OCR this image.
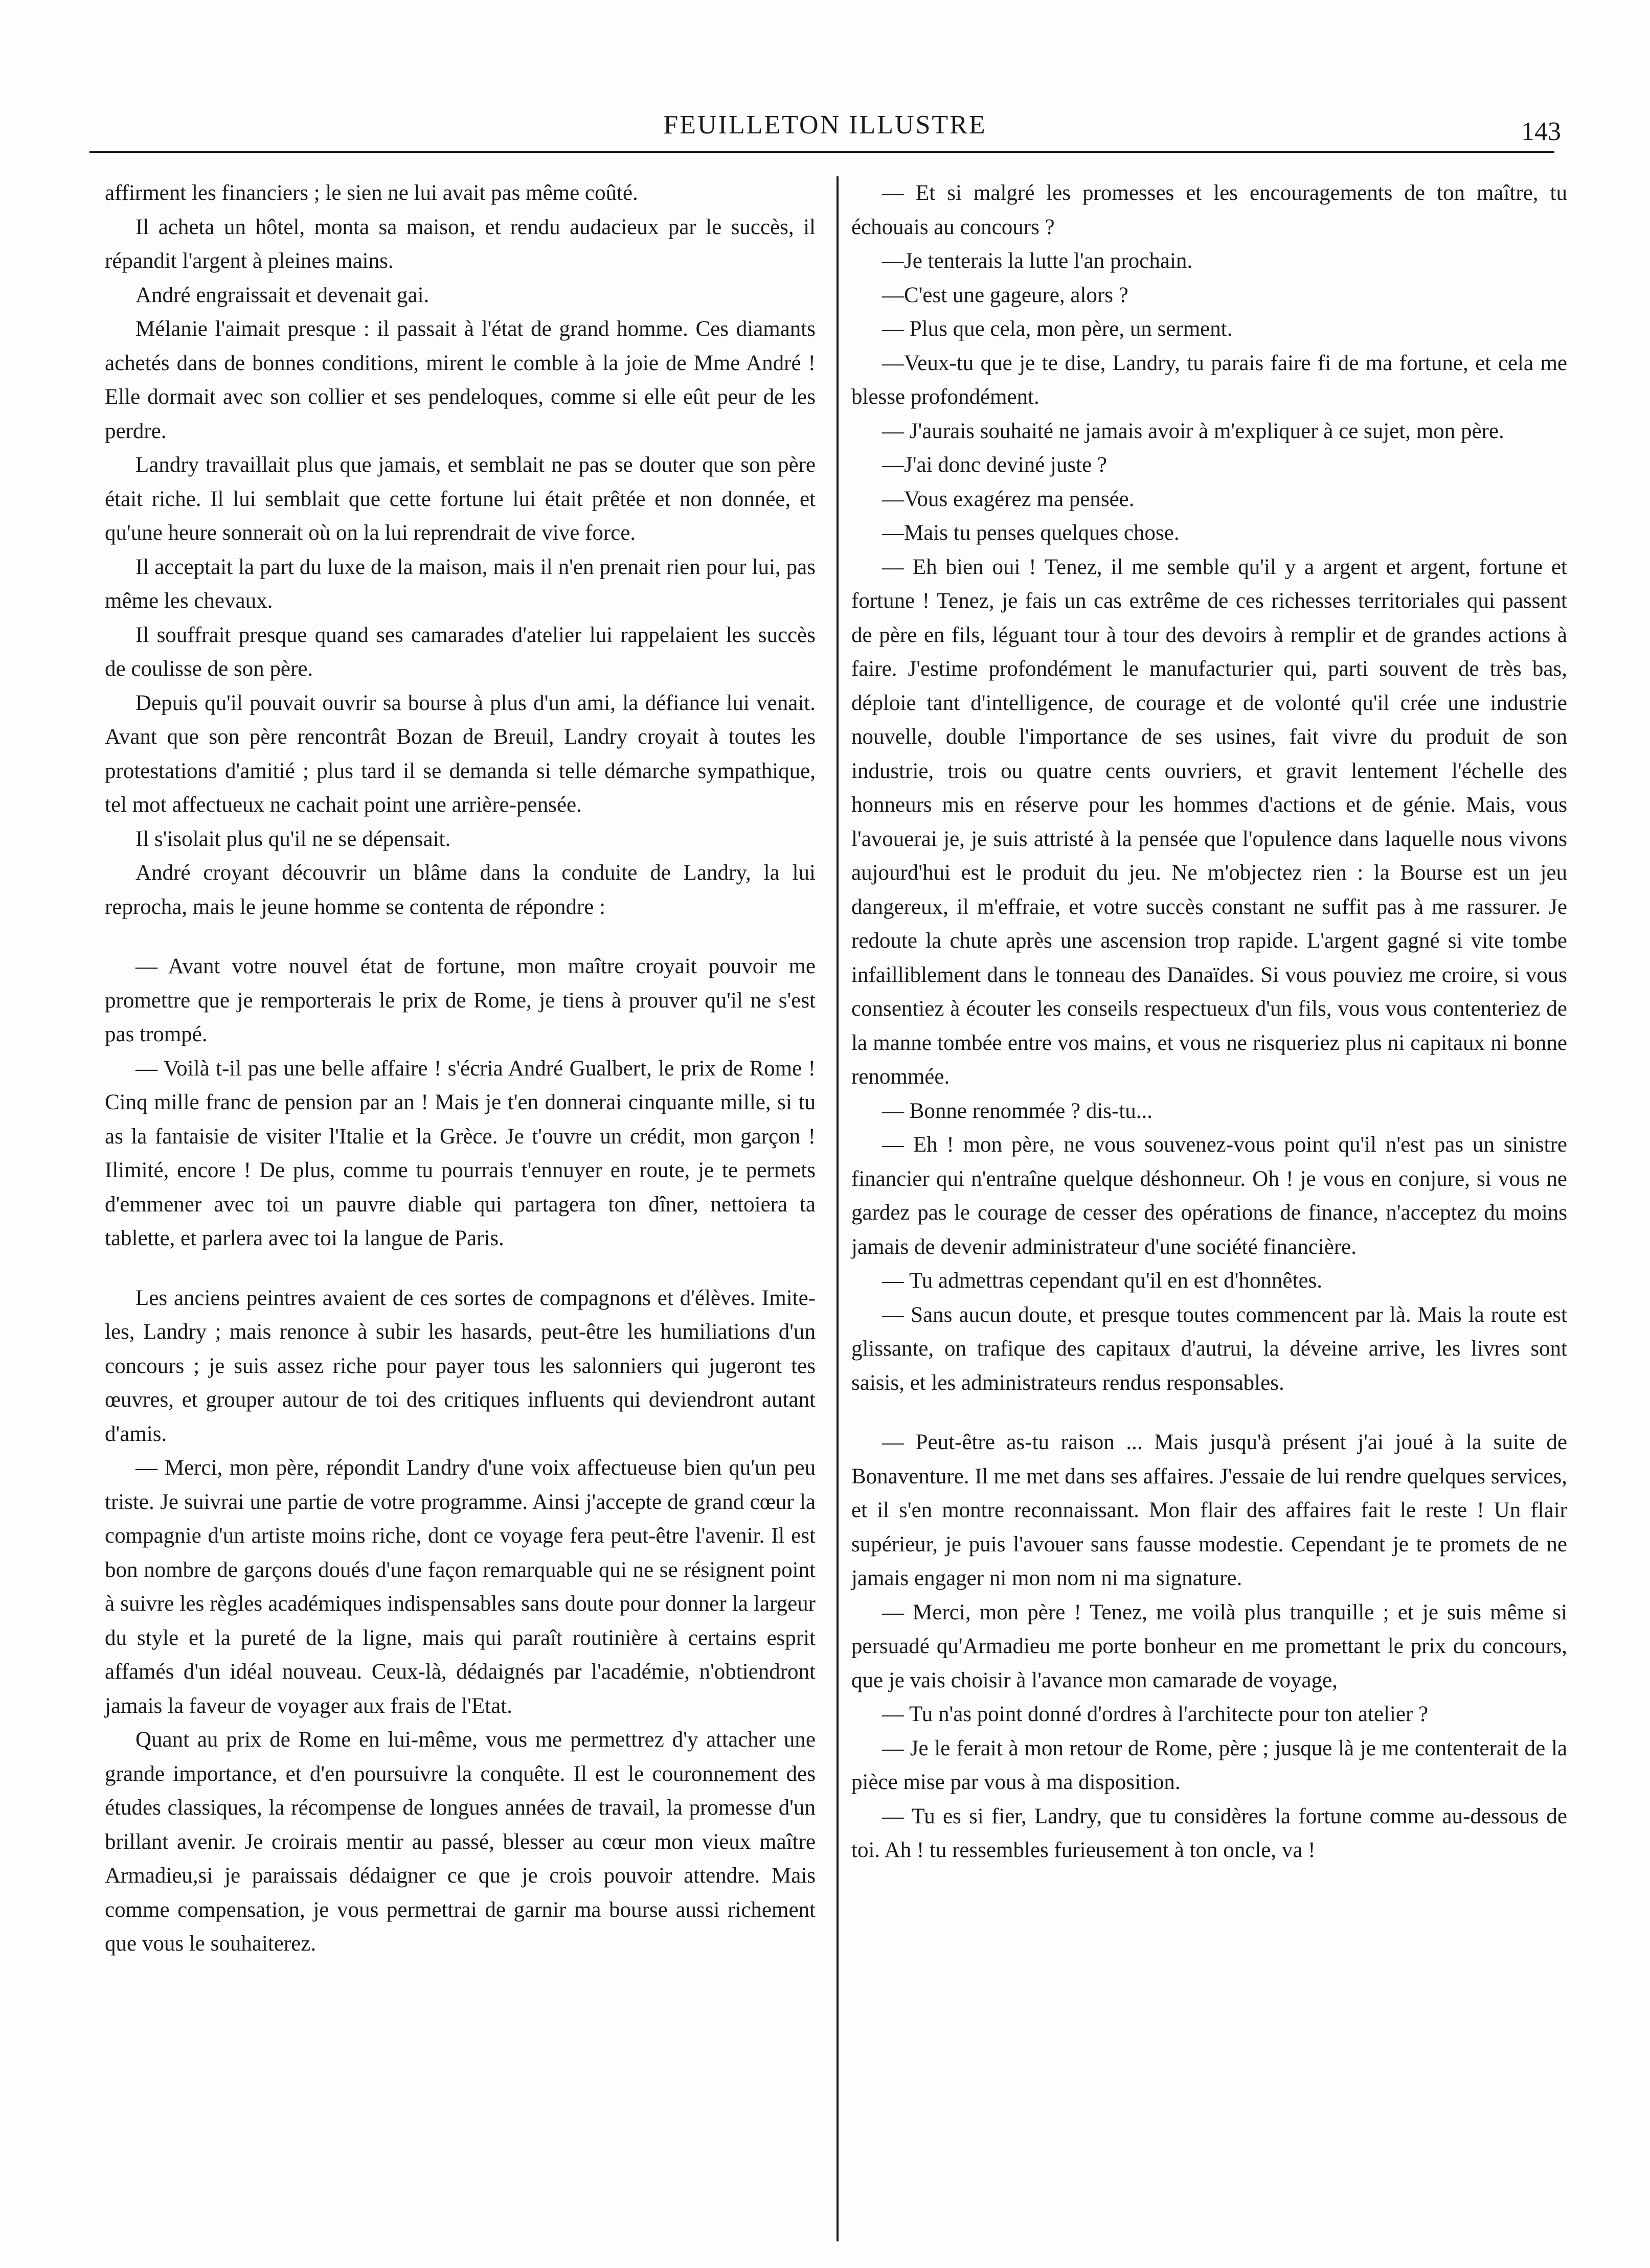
FEUILLETON ILLUSTRE	143

affirment les financiers ; le sien ne lui avait pas même coûté.

Il acheta un hôtel, monta sa maison, et rendu audacieux par le succès, il répandit l'argent à pleines mains.

André engraissait et devenait gai.

Mélanie l'aimait presque : il passait à l'état de grand homme. Ces diamants achetés dans de bonnes conditions, mirent le comble à la joie de Mme André ! Elle dormait avec son collier et ses pendeloques, comme si elle eût peur de les perdre.

Landry travaillait plus que jamais, et semblait ne pas se douter que son père était riche. Il lui semblait que cette fortune lui était prêtée et non donnée, et qu'une heure sonnerait où on la lui reprendrait de vive force.

Il acceptait la part du luxe de la maison, mais il n'en prenait rien pour lui, pas même les chevaux.

Il souffrait presque quand ses camarades d'atelier lui rappelaient les succès de coulisse de son père.

Depuis qu'il pouvait ouvrir sa bourse à plus d'un ami, la défiance lui venait. Avant que son père rencontrât Bozan de Breuil, Landry croyait à toutes les protestations d'amitié ; plus tard il se demanda si telle démarche sympathique, tel mot affectueux ne cachait point une arrière-pensée.

Il s'isolait plus qu'il ne se dépensait.

André croyant découvrir un blâme dans la conduite de Landry, la lui reprocha, mais le jeune homme se contenta de répondre :

— Avant votre nouvel état de fortune, mon maître croyait pouvoir me promettre que je remporterais le prix de Rome, je tiens à prouver qu'il ne s'est pas trompé.

— Voilà t-il pas une belle affaire ! s'écria André Gualbert, le prix de Rome ! Cinq mille franc de pension par an ! Mais je t'en donnerai cinquante mille, si tu as la fantaisie de visiter l'Italie et la Grèce. Je t'ouvre un crédit, mon garçon ! Ilimité, encore ! De plus, comme tu pourrais t'ennuyer en route, je te permets d'emmener avec toi un pauvre diable qui partagera ton dîner, nettoiera ta tablette, et parlera avec toi la langue de Paris.

Les anciens peintres avaient de ces sortes de compagnons et d'élèves. Imite-les, Landry ; mais renonce à subir les hasards, peut-être les humiliations d'un concours ; je suis assez riche pour payer tous les salonniers qui jugeront tes œuvres, et grouper autour de toi des critiques influents qui deviendront autant d'amis.

— Merci, mon père, répondit Landry d'une voix affectueuse bien qu'un peu triste. Je suivrai une partie de votre programme. Ainsi j'accepte de grand cœur la compagnie d'un artiste moins riche, dont ce voyage fera peut-être l'avenir. Il est bon nombre de garçons doués d'une façon remarquable qui ne se résignent point à suivre les règles académiques indispensables sans doute pour donner la largeur du style et la pureté de la ligne, mais qui paraît routinière à certains esprit affamés d'un idéal nouveau. Ceux-là, dédaignés par l'académie, n'obtiendront jamais la faveur de voyager aux frais de l'Etat.

Quant au prix de Rome en lui-même, vous me permettrez d'y attacher une grande importance, et d'en poursuivre la conquête. Il est le couronnement des études classiques, la récompense de longues années de travail, la promesse d'un brillant avenir. Je croirais mentir au passé, blesser au cœur mon vieux maître Armadieu,si je paraissais dédaigner ce que je crois pouvoir attendre. Mais comme compensation, je vous permettrai de garnir ma bourse aussi richement que vous le souhaiterez.

— Et si malgré les promesses et les encouragements de ton maître, tu échouais au concours ?

—Je tenterais la lutte l'an prochain.

—C'est une gageure, alors ?

— Plus que cela, mon père, un serment.

—Veux-tu que je te dise, Landry, tu parais faire fi de ma fortune, et cela me blesse profondément.

— J'aurais souhaité ne jamais avoir à m'expliquer à ce sujet, mon père.

—J'ai donc deviné juste ?

—Vous exagérez ma pensée.

—Mais tu penses quelques chose.

— Eh bien oui ! Tenez, il me semble qu'il y a argent et argent, fortune et fortune ! Tenez, je fais un cas extrême de ces richesses territoriales qui passent de père en fils, léguant tour à tour des devoirs à remplir et de grandes actions à faire. J'estime profondément le manufacturier qui, parti souvent de très bas, déploie tant d'intelligence, de courage et de volonté qu'il crée une industrie nouvelle, double l'importance de ses usines, fait vivre du produit de son industrie, trois ou quatre cents ouvriers, et gravit lentement l'échelle des honneurs mis en réserve pour les hommes d'actions et de génie. Mais, vous l'avouerai je, je suis attristé à la pensée que l'opulence dans laquelle nous vivons aujourd'hui est le produit du jeu. Ne m'objectez rien : la Bourse est un jeu dangereux, il m'effraie, et votre succès constant ne suffit pas à me rassurer. Je redoute la chute après une ascension trop rapide. L'argent gagné si vite tombe infailliblement dans le tonneau des Danaïdes. Si vous pouviez me croire, si vous consentiez à écouter les conseils respectueux d'un fils, vous vous contenteriez de la manne tombée entre vos mains, et vous ne risqueriez plus ni capitaux ni bonne renommée.

— Bonne renommée ? dis-tu...

— Eh ! mon père, ne vous souvenez-vous point qu'il n'est pas un sinistre financier qui n'entraîne quelque déshonneur. Oh ! je vous en conjure, si vous ne gardez pas le courage de cesser des opérations de finance, n'acceptez du moins jamais de devenir administrateur d'une société financière.

— Tu admettras cependant qu'il en est d'honnêtes.

— Sans aucun doute, et presque toutes commencent par là. Mais la route est glissante, on trafique des capitaux d'autrui, la déveine arrive, les livres sont saisis, et les administrateurs rendus responsables.

— Peut-être as-tu raison ... Mais jusqu'à présent j'ai joué à la suite de Bonaventure. Il me met dans ses affaires. J'essaie de lui rendre quelques services, et il s'en montre reconnaissant. Mon flair des affaires fait le reste ! Un flair supérieur, je puis l'avouer sans fausse modestie. Cependant je te promets de ne jamais engager ni mon nom ni ma signature.

— Merci, mon père ! Tenez, me voilà plus tranquille ; et je suis même si persuadé qu'Armadieu me porte bonheur en me promettant le prix du concours, que je vais choisir à l'avance mon camarade de voyage,

— Tu n'as point donné d'ordres à l'architecte pour ton atelier ?

— Je le ferait à mon retour de Rome, père ; jusque là je me contenterait de la pièce mise par vous à ma disposition.

— Tu es si fier, Landry, que tu considères la fortune comme au-dessous de toi. Ah ! tu ressembles furieusement à ton oncle, va !
